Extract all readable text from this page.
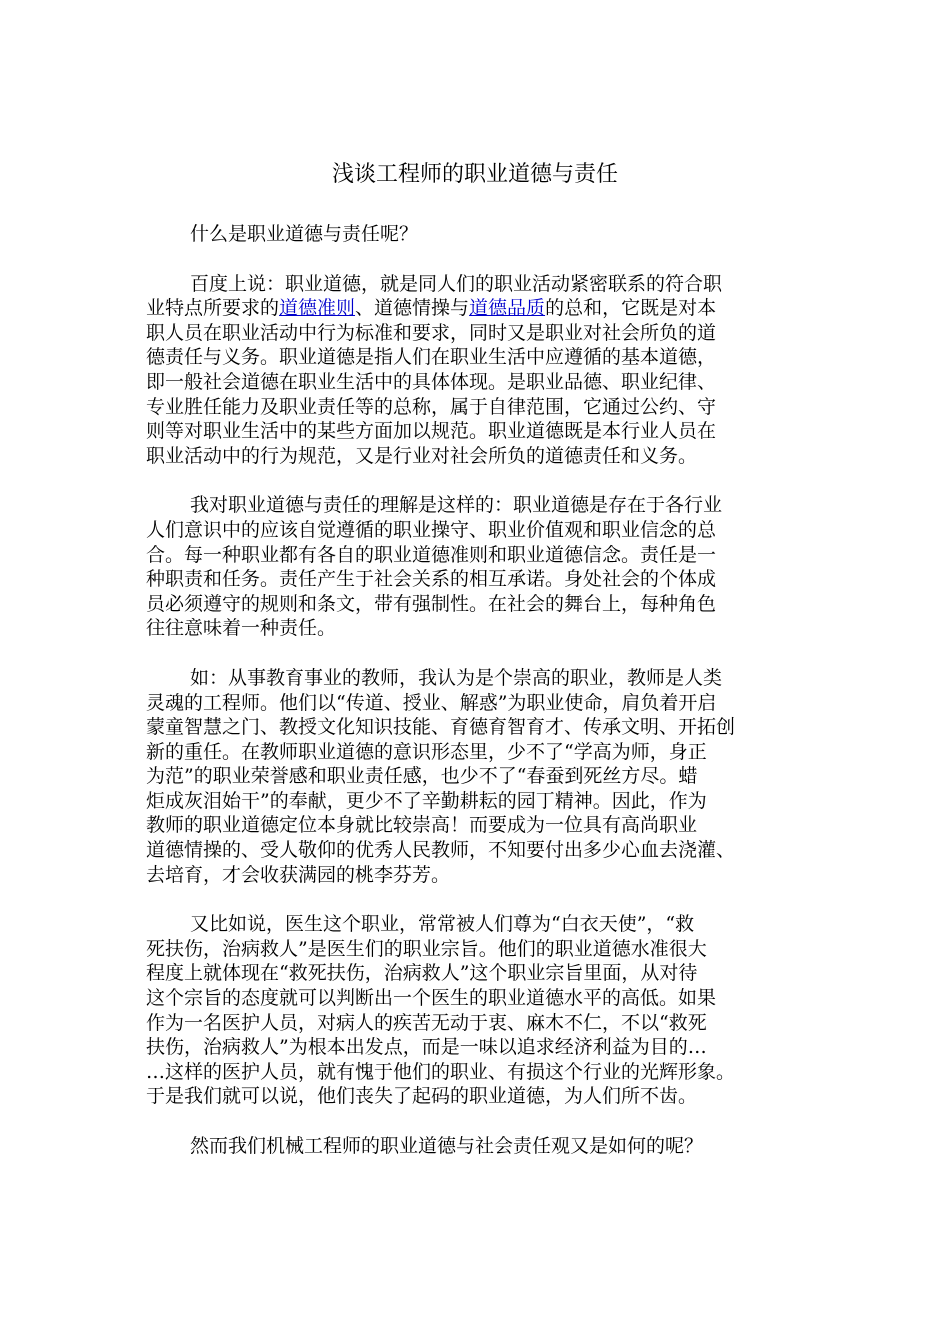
浅谈工程师的职业道德与责任

什么是职业道德与责任呢？

百度上说：职业道德，就是同人们的职业活动紧密联系的符合职
业特点所要求的道德准则、道德情操与道德品质的总和，它既是对本
职人员在职业活动中行为标准和要求，同时又是职业对社会所负的道
德责任与义务。职业道德是指人们在职业生活中应遵循的基本道德，
即一般社会道德在职业生活中的具体体现。是职业品德、职业纪律、
专业胜任能力及职业责任等的总称，属于自律范围，它通过公约、守
则等对职业生活中的某些方面加以规范。职业道德既是本行业人员在
职业活动中的行为规范，又是行业对社会所负的道德责任和义务。

我对职业道德与责任的理解是这样的：职业道德是存在于各行业
人们意识中的应该自觉遵循的职业操守、职业价值观和职业信念的总
合。每一种职业都有各自的职业道德准则和职业道德信念。责任是一
种职责和任务。责任产生于社会关系的相互承诺。身处社会的个体成
员必须遵守的规则和条文，带有强制性。在社会的舞台上，每种角色
往往意味着一种责任。

如：从事教育事业的教师，我认为是个崇高的职业，教师是人类
灵魂的工程师。他们以“传道、授业、解惑”为职业使命，肩负着开启
蒙童智慧之门、教授文化知识技能、育德育智育才、传承文明、开拓创
新的重任。在教师职业道德的意识形态里，少不了“学高为师，身正
为范”的职业荣誉感和职业责任感，也少不了“春蚕到死丝方尽。蜡
炬成灰泪始干”的奉献，更少不了辛勤耕耘的园丁精神。因此，作为
教师的职业道德定位本身就比较崇高！而要成为一位具有高尚职业
道德情操的、受人敬仰的优秀人民教师，不知要付出多少心血去浇灌、
去培育，才会收获满园的桃李芬芳。

又比如说，医生这个职业，常常被人们尊为“白衣天使”，“救
死扶伤，治病救人”是医生们的职业宗旨。他们的职业道德水准很大
程度上就体现在“救死扶伤，治病救人”这个职业宗旨里面，从对待
这个宗旨的态度就可以判断出一个医生的职业道德水平的高低。如果
作为一名医护人员，对病人的疾苦无动于衷、麻木不仁，不以“救死
扶伤，治病救人”为根本出发点，而是一味以追求经济利益为目的…
…这样的医护人员，就有愧于他们的职业、有损这个行业的光辉形象。
于是我们就可以说，他们丧失了起码的职业道德，为人们所不齿。

然而我们机械工程师的职业道德与社会责任观又是如何的呢？
